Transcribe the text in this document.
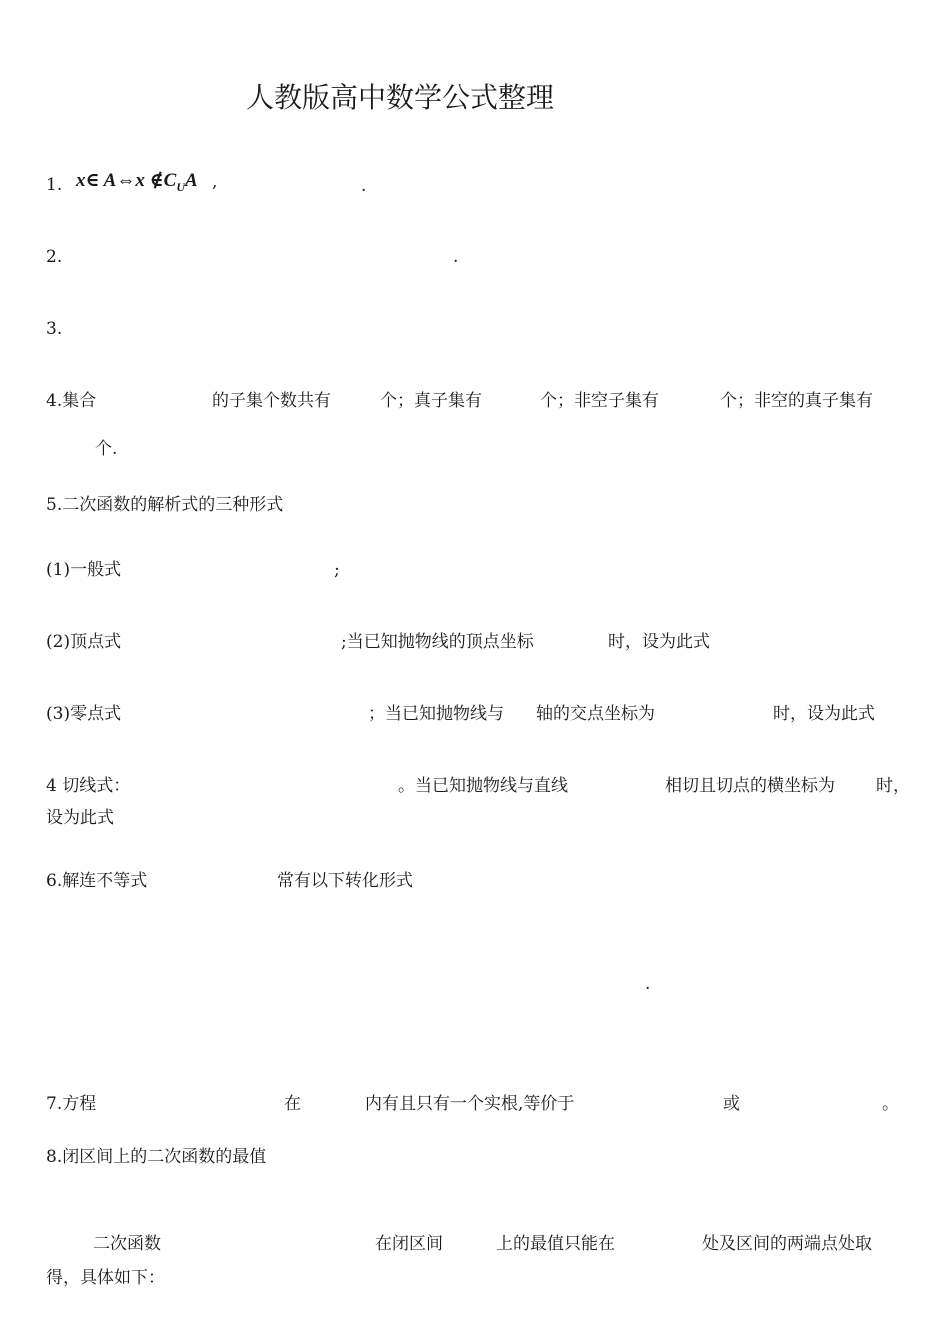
人教版高中数学公式整理
1. x∈ A⇔x $\notin C_UA$ ,	.
2.	.
3.
4.集合	的子集个数共有	个；真子集有	个；非空子集有	个；非空的真子集有
个.
5.二次函数的解析式的三种形式
(1)一般式	;
(2)顶点式	;当已知抛物线的顶点坐标	时，设为此式
(3)零点式	；当已知抛物线与 轴的交点坐标为	时，设为此式
4 切线式：	。当已知抛物线与直线	相切且切点的横坐标为 时，
设为此式
6.解连不等式	常有以下转化形式
.
7.方程	在	内有且只有一个实根,等价于	或	。
8.闭区间上的二次函数的最值
二次函数	在闭区间	上的最值只能在	处及区间的两端点处取
得，具体如下：
